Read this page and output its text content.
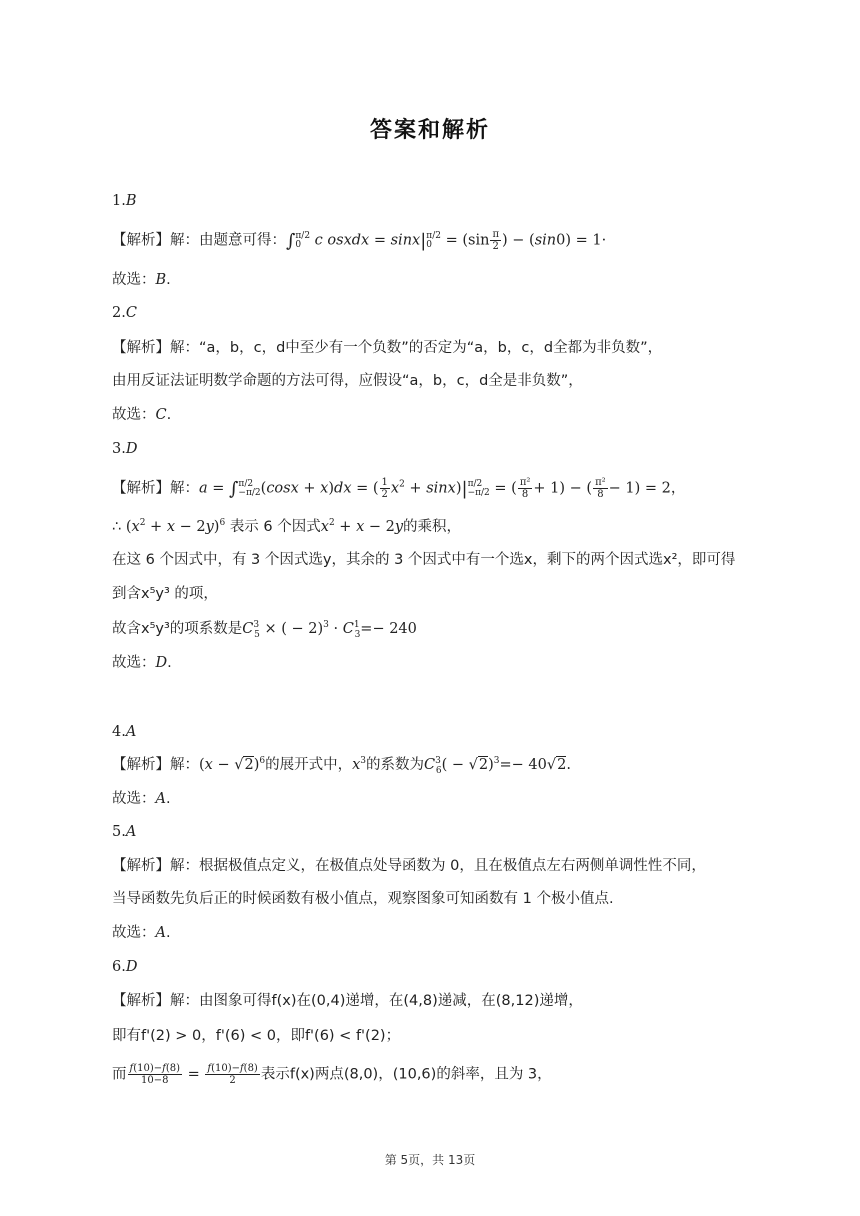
答案和解析
1.B
【解析】解：由题意可得：∫ π/2
0 c osxdx = sinx| π/2
$0 = (\sin \frac{\pi}{2}$ ) − (sin0) = 1·
故选：B.
2.C
【解析】解：“a，b，c，d中至少有一个负数”的否定为“a，b，c，d全都为非负数”，
由用反证法证明数学命题的方法可得，应假设“a，b，c，d全是非负数”，
故选：C.
3.D
【解析】解：a = ∫ π/2
−π/2 (cosx + x)dx = ( $\frac{1}{2} x^2 + \sin x)|$ π/2
−π/2 = ( $\frac{\text{π²}}{8} + 1$) − ( $\frac{\text{π²}}{8} - 1) = 2$，
∴ $(x^2 + x - 2y)^6$ 表示 6 个因式$x^2 + x - 2y$的乘积，
在这 6 个因式中，有 3 个因式选y，其余的 3 个因式中有一个选x，剩下的两个因式选x²，即可得
到含x⁵y³ 的项，
故含x⁵y³的项系数是$C^3_5$ × ( − $2)^3 \cdot C^1_3=- 240$
故选：D.
4.A
【解析】解：$(x - √2)^6$的展开式中，$x^3$的系数为$C^3_6( - √2)^3=- 40√2$.
故选：A.
5.A
【解析】解：根据极值点定义，在极值点处导函数为 0，且在极值点左右两侧单调性性不同，
当导函数先负后正的时候函数有极小值点，观察图象可知函数有 1 个极小值点.
故选：A.
6.D
【解析】解：由图象可得f(x)在(0,4)递增，在(4,8)递减，在(8,12)递增，
即有f'(2) > 0，f'(6) < 0，即f'(6) < f'(2)；
而 $\frac{f(10)-f(8)}{10-8} = \frac{f(10)-f(8)}{2}$ 表示f(x)两点(8,0)，(10,6)的斜率，且为 3，
第 5页，共 13页
